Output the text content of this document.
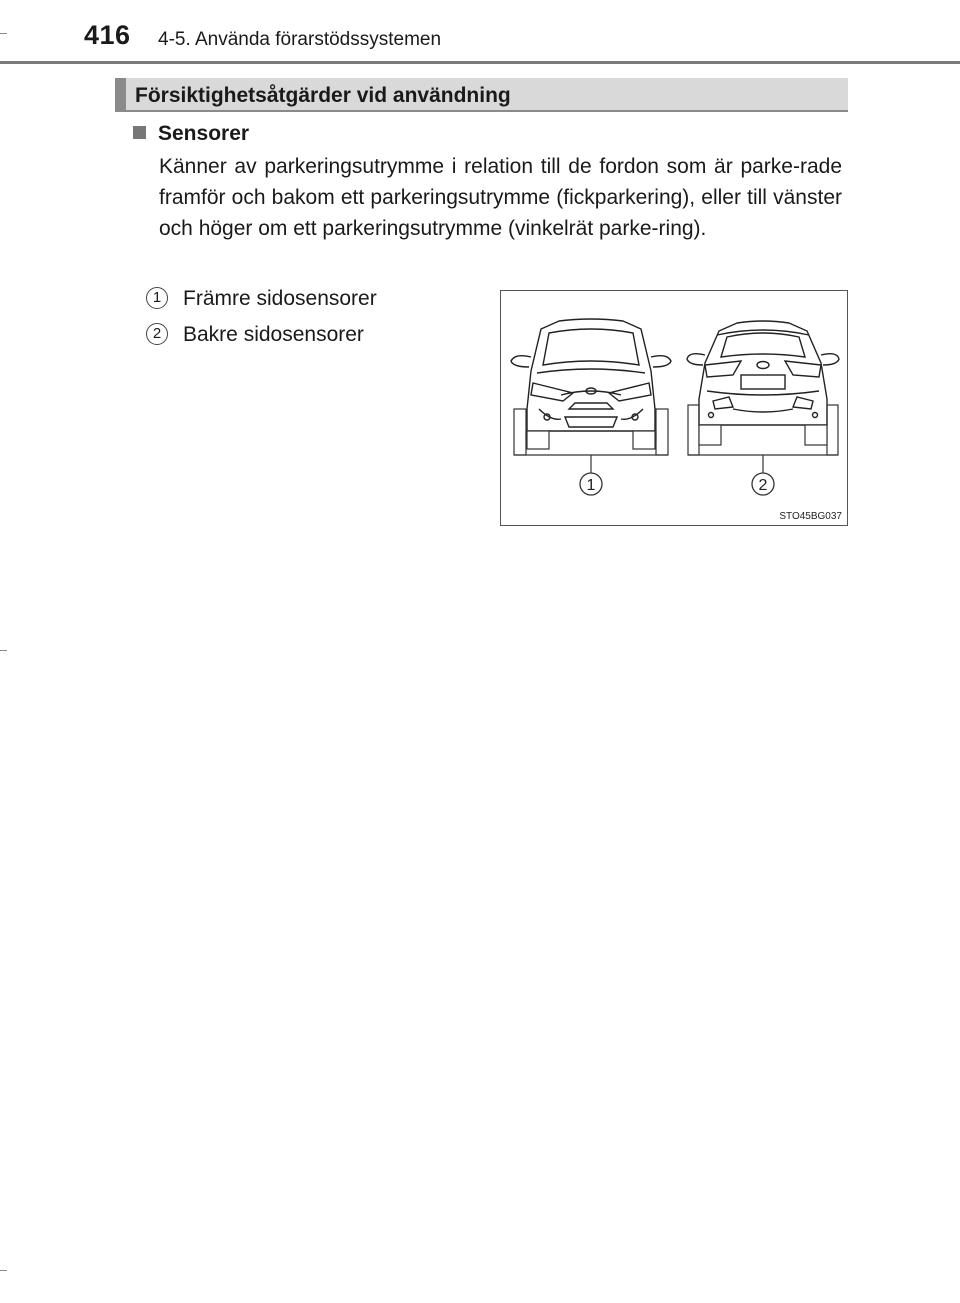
416 4-5. Använda förarstödssystemen
Försiktighetsåtgärder vid användning
Sensorer
Känner av parkeringsutrymme i relation till de fordon som är parke-rade framför och bakom ett parkeringsutrymme (fickparkering), eller till vänster och höger om ett parkeringsutrymme (vinkelrät parke-ring).
1 Främre sidosensorer
2 Bakre sidosensorer
1	2
STO45BG037
